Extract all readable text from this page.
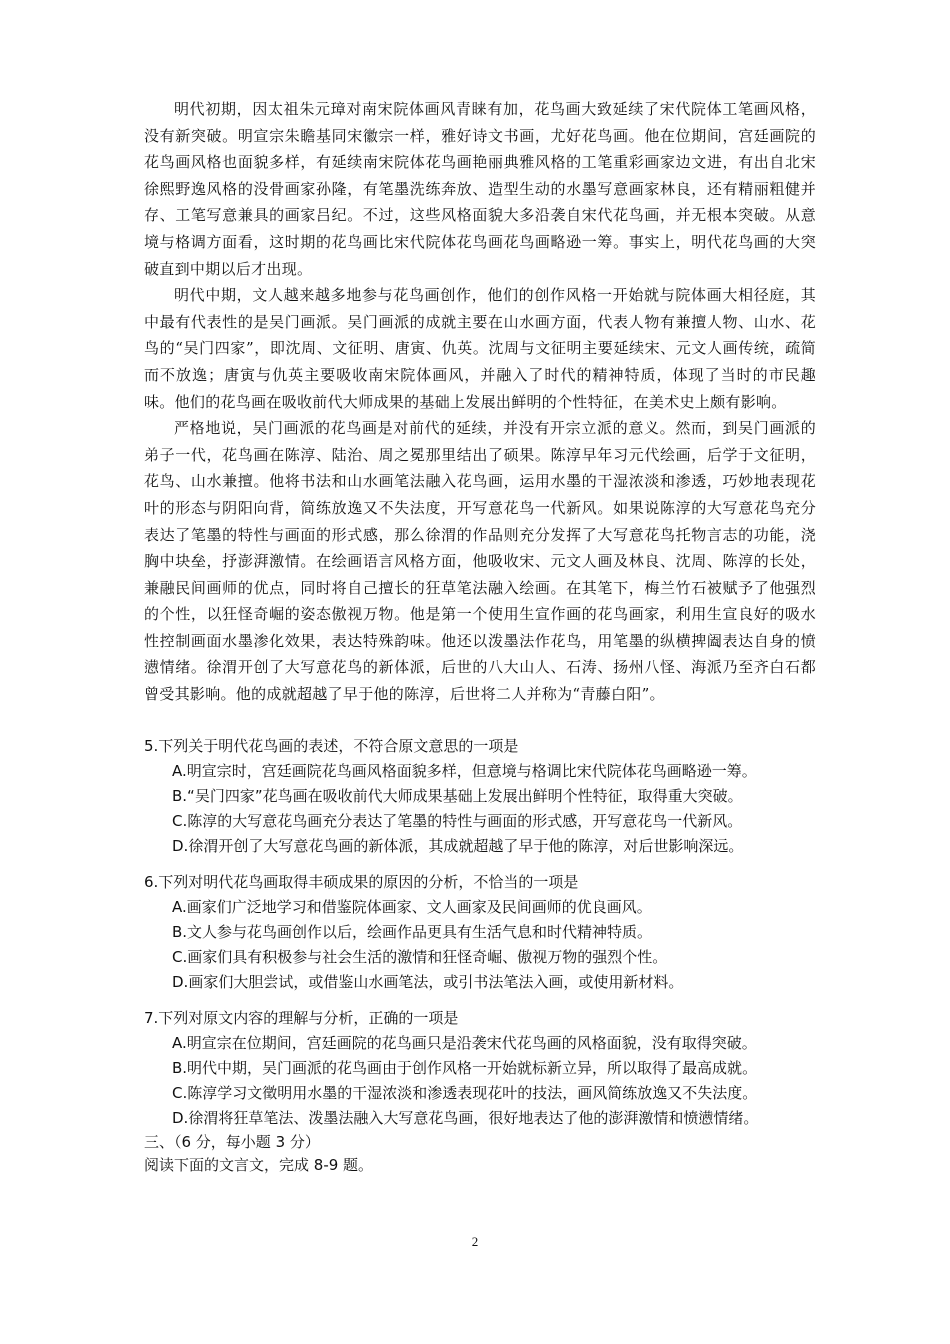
明代初期，因太祖朱元璋对南宋院体画风青睐有加，花鸟画大致延续了宋代院体工笔画风格，没有新突破。明宣宗朱瞻基同宋徽宗一样，雅好诗文书画，尤好花鸟画。他在位期间，宫廷画院的花鸟画风格也面貌多样，有延续南宋院体花鸟画艳丽典雅风格的工笔重彩画家边文进，有出自北宋徐熙野逸风格的没骨画家孙隆，有笔墨洗练奔放、造型生动的水墨写意画家林良，还有精丽粗健并存、工笔写意兼具的画家吕纪。不过，这些风格面貌大多沿袭自宋代花鸟画，并无根本突破。从意境与格调方面看，这时期的花鸟画比宋代院体花鸟画花鸟画略逊一筹。事实上，明代花鸟画的大突破直到中期以后才出现。

明代中期，文人越来越多地参与花鸟画创作，他们的创作风格一开始就与院体画大相径庭，其中最有代表性的是吴门画派。吴门画派的成就主要在山水画方面，代表人物有兼擅人物、山水、花鸟的“吴门四家”，即沈周、文征明、唐寅、仇英。沈周与文征明主要延续宋、元文人画传统，疏简而不放逸；唐寅与仇英主要吸收南宋院体画风，并融入了时代的精神特质，体现了当时的市民趣味。他们的花鸟画在吸收前代大师成果的基础上发展出鲜明的个性特征，在美术史上颇有影响。

严格地说，吴门画派的花鸟画是对前代的延续，并没有开宗立派的意义。然而，到吴门画派的弟子一代，花鸟画在陈淳、陆治、周之冕那里结出了硕果。陈淳早年习元代绘画，后学于文征明，花鸟、山水兼擅。他将书法和山水画笔法融入花鸟画，运用水墨的干湿浓淡和渗透，巧妙地表现花叶的形态与阴阳向背，简练放逸又不失法度，开写意花鸟一代新风。如果说陈淳的大写意花鸟充分表达了笔墨的特性与画面的形式感，那么徐渭的作品则充分发挥了大写意花鸟托物言志的功能，浇胸中块垒，抒澎湃激情。在绘画语言风格方面，他吸收宋、元文人画及林良、沈周、陈淳的长处，兼融民间画师的优点，同时将自己擅长的狂草笔法融入绘画。在其笔下，梅兰竹石被赋予了他强烈的个性，以狂怪奇崛的姿态傲视万物。他是第一个使用生宣作画的花鸟画家，利用生宣良好的吸水性控制画面水墨渗化效果，表达特殊韵味。他还以泼墨法作花鸟，用笔墨的纵横捭阖表达自身的愤懑情绪。徐渭开创了大写意花鸟的新体派，后世的八大山人、石涛、扬州八怪、海派乃至齐白石都曾受其影响。他的成就超越了早于他的陈淳，后世将二人并称为“青藤白阳”。

5.下列关于明代花鸟画的表述，不符合原文意思的一项是

A.明宣宗时，宫廷画院花鸟画风格面貌多样，但意境与格调比宋代院体花鸟画略逊一筹。

B.“吴门四家”花鸟画在吸收前代大师成果基础上发展出鲜明个性特征，取得重大突破。

C.陈淳的大写意花鸟画充分表达了笔墨的特性与画面的形式感，开写意花鸟一代新风。

D.徐渭开创了大写意花鸟画的新体派，其成就超越了早于他的陈淳，对后世影响深远。

6.下列对明代花鸟画取得丰硕成果的原因的分析，不恰当的一项是

A.画家们广泛地学习和借鉴院体画家、文人画家及民间画师的优良画风。

B.文人参与花鸟画创作以后，绘画作品更具有生活气息和时代精神特质。

C.画家们具有积极参与社会生活的激情和狂怪奇崛、傲视万物的强烈个性。

D.画家们大胆尝试，或借鉴山水画笔法，或引书法笔法入画，或使用新材料。

7.下列对原文内容的理解与分析，正确的一项是

A.明宣宗在位期间，宫廷画院的花鸟画只是沿袭宋代花鸟画的风格面貌，没有取得突破。

B.明代中期，吴门画派的花鸟画由于创作风格一开始就标新立异，所以取得了最高成就。

C.陈淳学习文徵明用水墨的干湿浓淡和渗透表现花叶的技法，画风简练放逸又不失法度。

D.徐渭将狂草笔法、泼墨法融入大写意花鸟画，很好地表达了他的澎湃激情和愤懑情绪。

三、（6 分，每小题 3 分）

阅读下面的文言文，完成 8-9 题。

2
